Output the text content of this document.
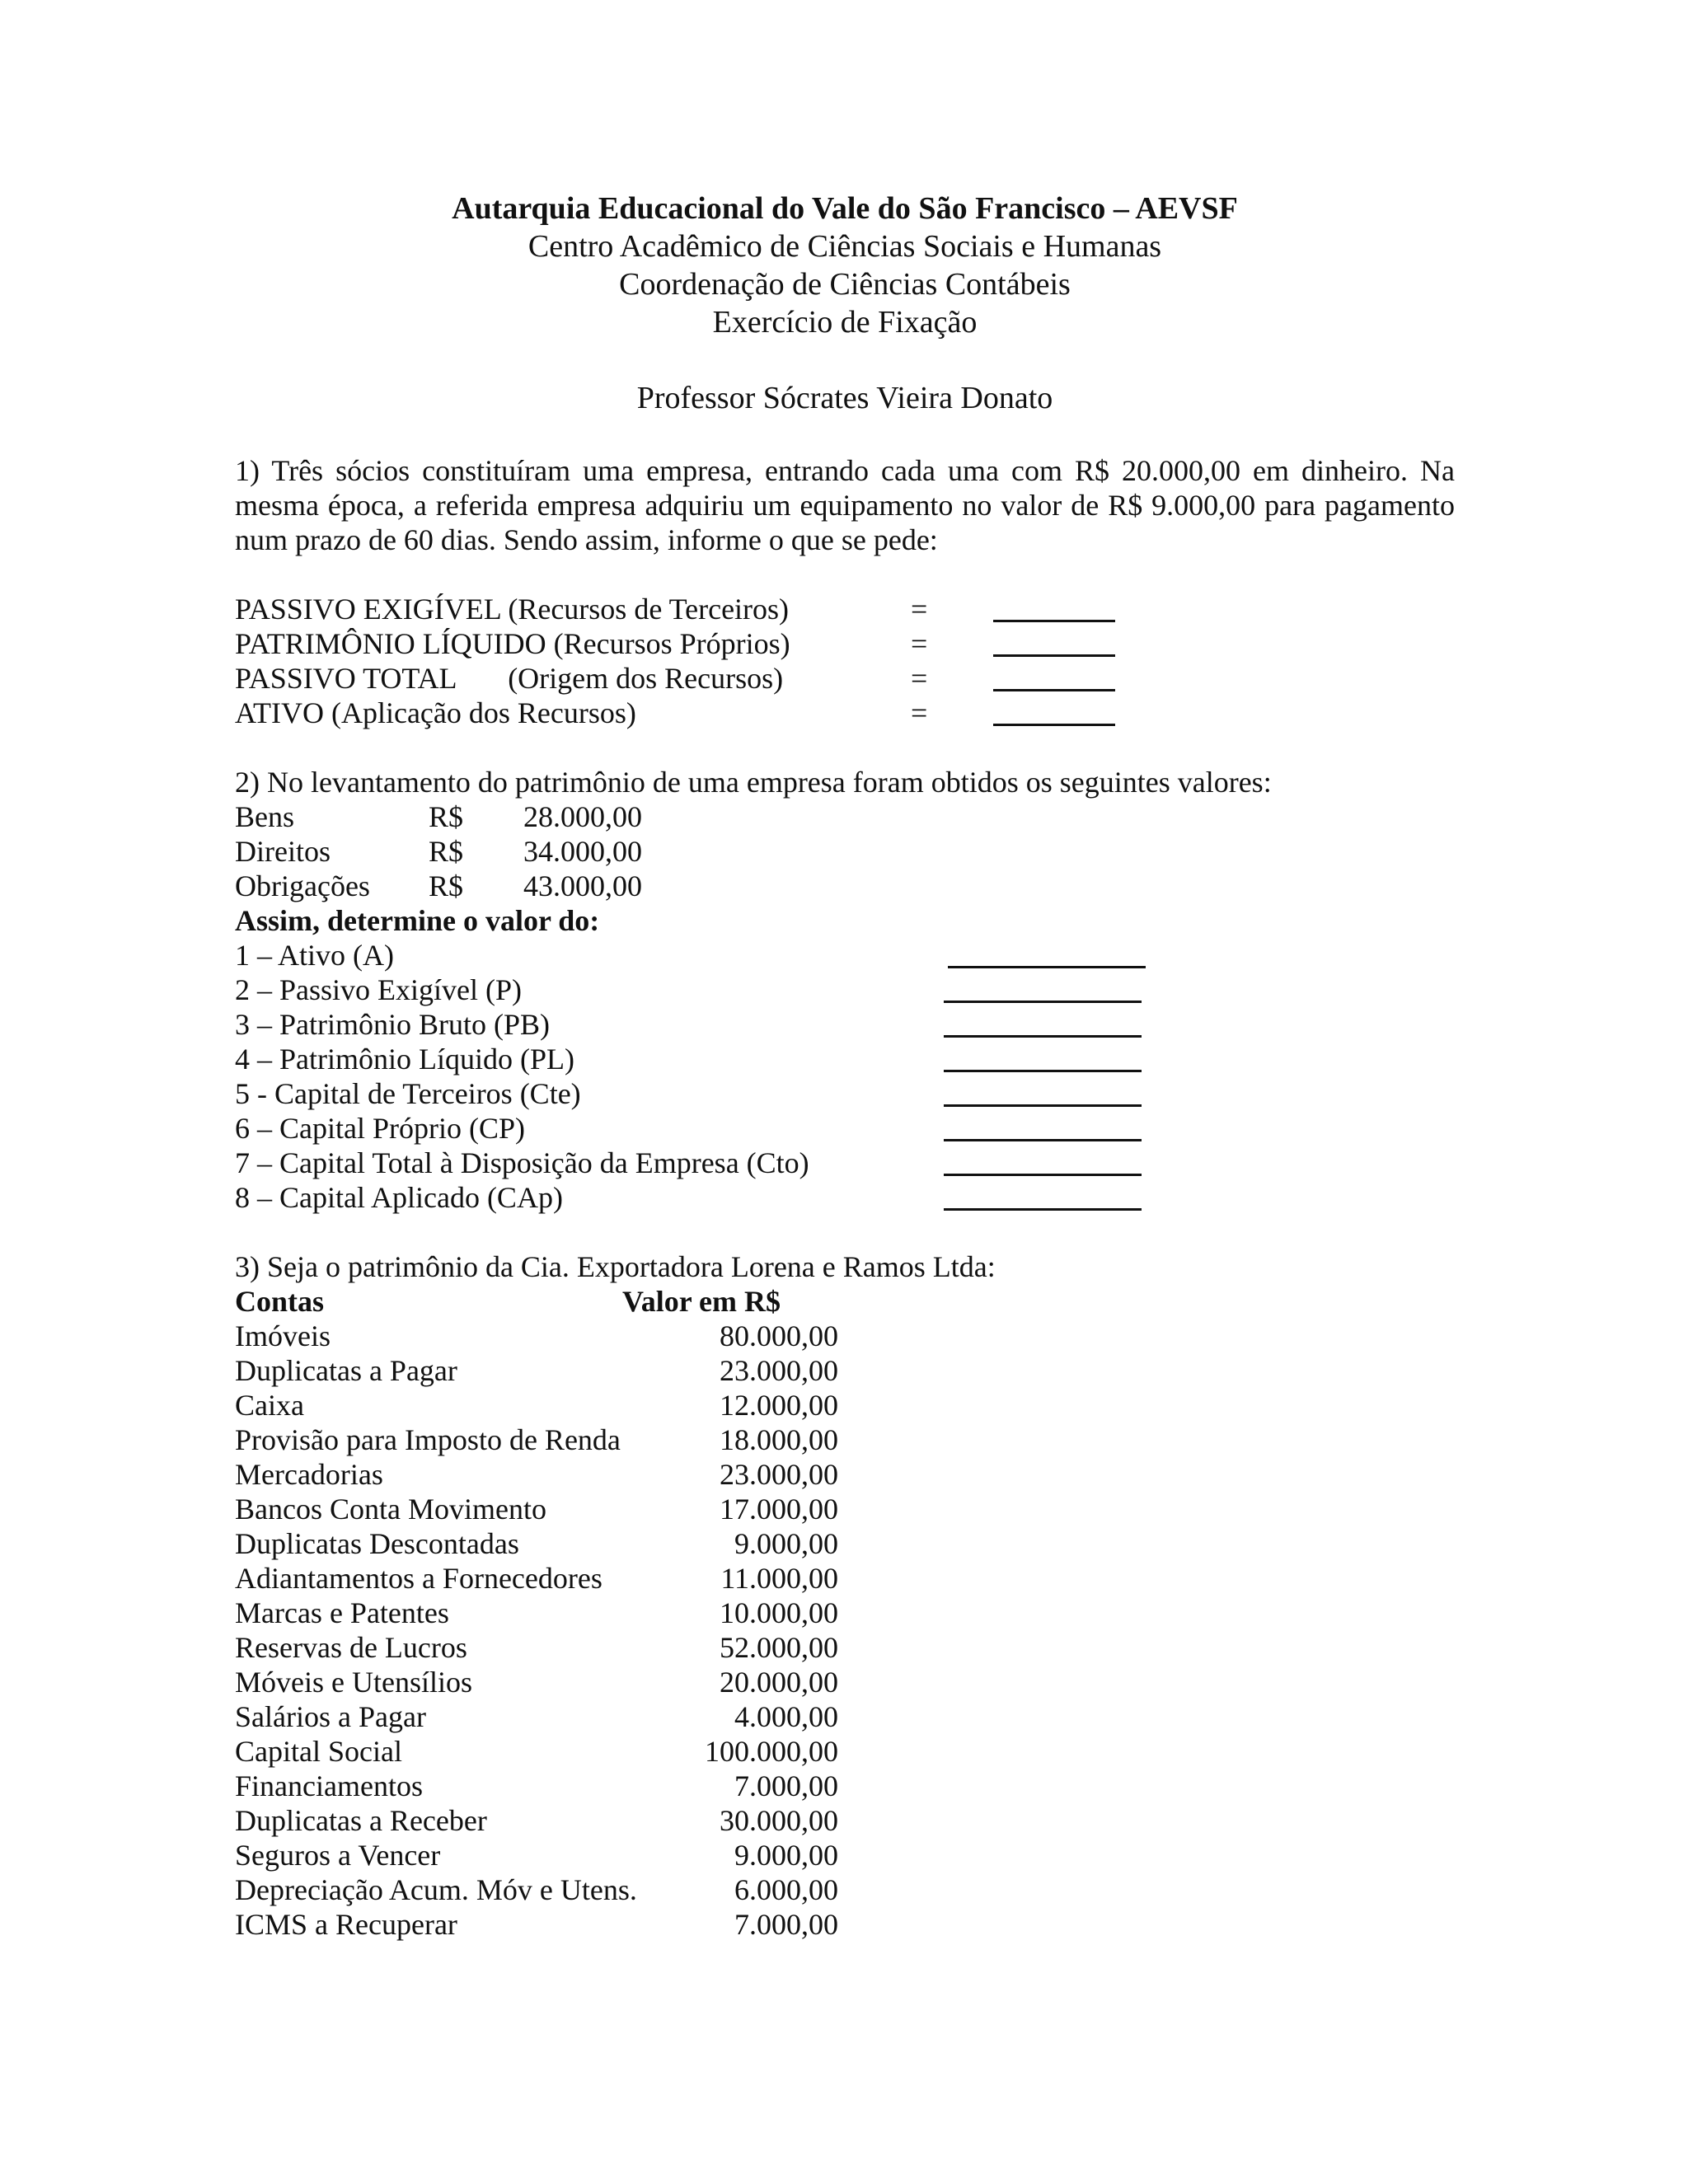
Autarquia Educacional do Vale do São Francisco – AEVSF
Centro Acadêmico de Ciências Sociais e Humanas
Coordenação de Ciências Contábeis
Exercício de Fixação
Professor Sócrates Vieira Donato
1) Três sócios constituíram uma empresa, entrando cada uma com R$ 20.000,00 em dinheiro. Na mesma época, a referida empresa adquiriu um equipamento no valor de R$ 9.000,00 para pagamento num prazo de 60 dias. Sendo assim, informe o que se pede:
PASSIVO EXIGÍVEL (Recursos de Terceiros)	=
PATRIMÔNIO LÍQUIDO (Recursos Próprios)	=
PASSIVO TOTAL       (Origem dos Recursos)	=
ATIVO (Aplicação dos Recursos)	=
2) No levantamento do patrimônio de uma empresa foram obtidos os seguintes valores:
Bens	R$ 28.000,00
Direitos	R$ 34.000,00
Obrigações R$ 43.000,00
Assim, determine o valor do:
1 – Ativo (A)
2 – Passivo Exigível (P)
3 – Patrimônio Bruto (PB)
4 – Patrimônio Líquido (PL)
5 - Capital de Terceiros (Cte)
6 – Capital Próprio (CP)
7 – Capital Total à Disposição da Empresa (Cto)
8 – Capital Aplicado (CAp)
3) Seja o patrimônio da Cia. Exportadora Lorena e Ramos Ltda:
Contas	Valor em R$
Imóveis	80.000,00
Duplicatas a Pagar	23.000,00
Caixa	12.000,00
Provisão para Imposto de Renda	18.000,00
Mercadorias	23.000,00
Bancos Conta Movimento	17.000,00
Duplicatas Descontadas	9.000,00
Adiantamentos a Fornecedores	11.000,00
Marcas e Patentes	10.000,00
Reservas de Lucros	52.000,00
Móveis e Utensílios	20.000,00
Salários a Pagar	4.000,00
Capital Social	100.000,00
Financiamentos	7.000,00
Duplicatas a Receber	30.000,00
Seguros a Vencer	9.000,00
Depreciação Acum. Móv e Utens.	6.000,00
ICMS a Recuperar	7.000,00
